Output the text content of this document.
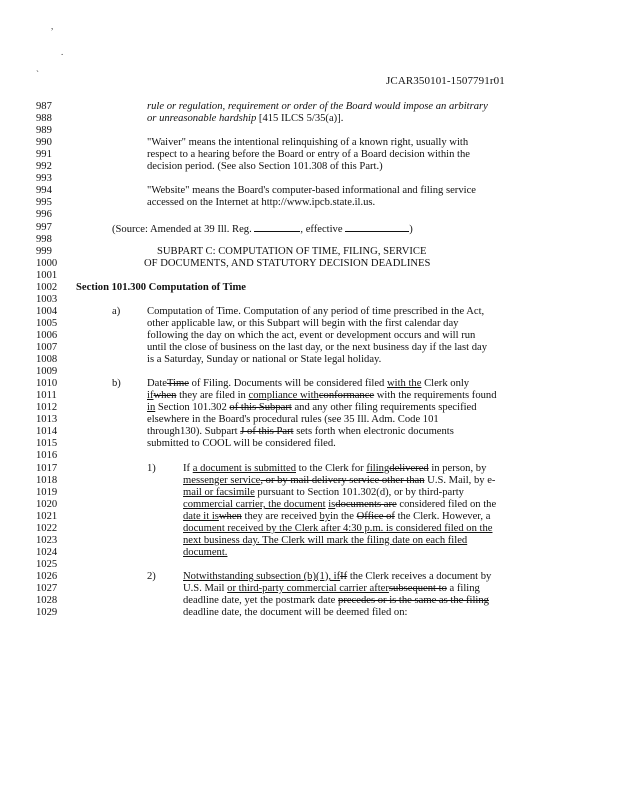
,
.
`
JCAR350101-1507791r01
987	rule or regulation, requirement or order of the Board would impose an arbitrary
988	or unreasonable hardship [415 ILCS 5/35(a)].
989
990	"Waiver" means the intentional relinquishing of a known right, usually with
991	respect to a hearing before the Board or entry of a Board decision within the
992	decision period. (See also Section 101.308 of this Part.)
993
994	"Website" means the Board's computer-based informational and filing service
995	accessed on the Internet at http://www.ipcb.state.il.us.
996
997	(Source: Amended at 39 Ill. Reg.	, effective	)
998
999	SUBPART C: COMPUTATION OF TIME, FILING, SERVICE
1000	OF DOCUMENTS, AND STATUTORY DECISION DEADLINES
1001
1002	Section 101.300 Computation of Time
1003
1004	a)	Computation of Time. Computation of any period of time prescribed in the Act,
1005	other applicable law, or this Subpart will begin with the first calendar day
1006	following the day on which the act, event or development occurs and will run
1007	until the close of business on the last day, or the next business day if the last day
1008	is a Saturday, Sunday or national or State legal holiday.
1009
1010	b) DateTime of Filing. Documents will be considered filed with the Clerk only
1011	ifwhen they are filed in compliance withconformance with the requirements found
1012	in Section 101.302 of this Subpart and any other filing requirements specified
1013	elsewhere in the Board's procedural rules (see 35 Ill. Adm. Code 101
1014	through130). Subpart J of this Part sets forth when electronic documents
1015	submitted to COOL will be considered filed.
1016
1017	1)	If a document is submitted to the Clerk for filingdelivered in person, by
1018	messenger service, or by mail delivery service other than U.S. Mail, by e-
1019	mail or facsimile pursuant to Section 101.302(d), or by third-party
1020	commercial carrier, the document isdocuments are considered filed on the
1021	date it iswhen they are received byin the Office of the Clerk. However, a
1022	document received by the Clerk after 4:30 p.m. is considered filed on the
1023	next business day. The Clerk will mark the filing date on each filed
1024	document.
1025
1026	2)	Notwithstanding subsection (b)(1), ifIf the Clerk receives a document by
1027	U.S. Mail or third-party commercial carrier aftersubsequent to a filing
1028	deadline date, yet the postmark date precedes or is the same as the filing
1029	deadline date, the document will be deemed filed on:
